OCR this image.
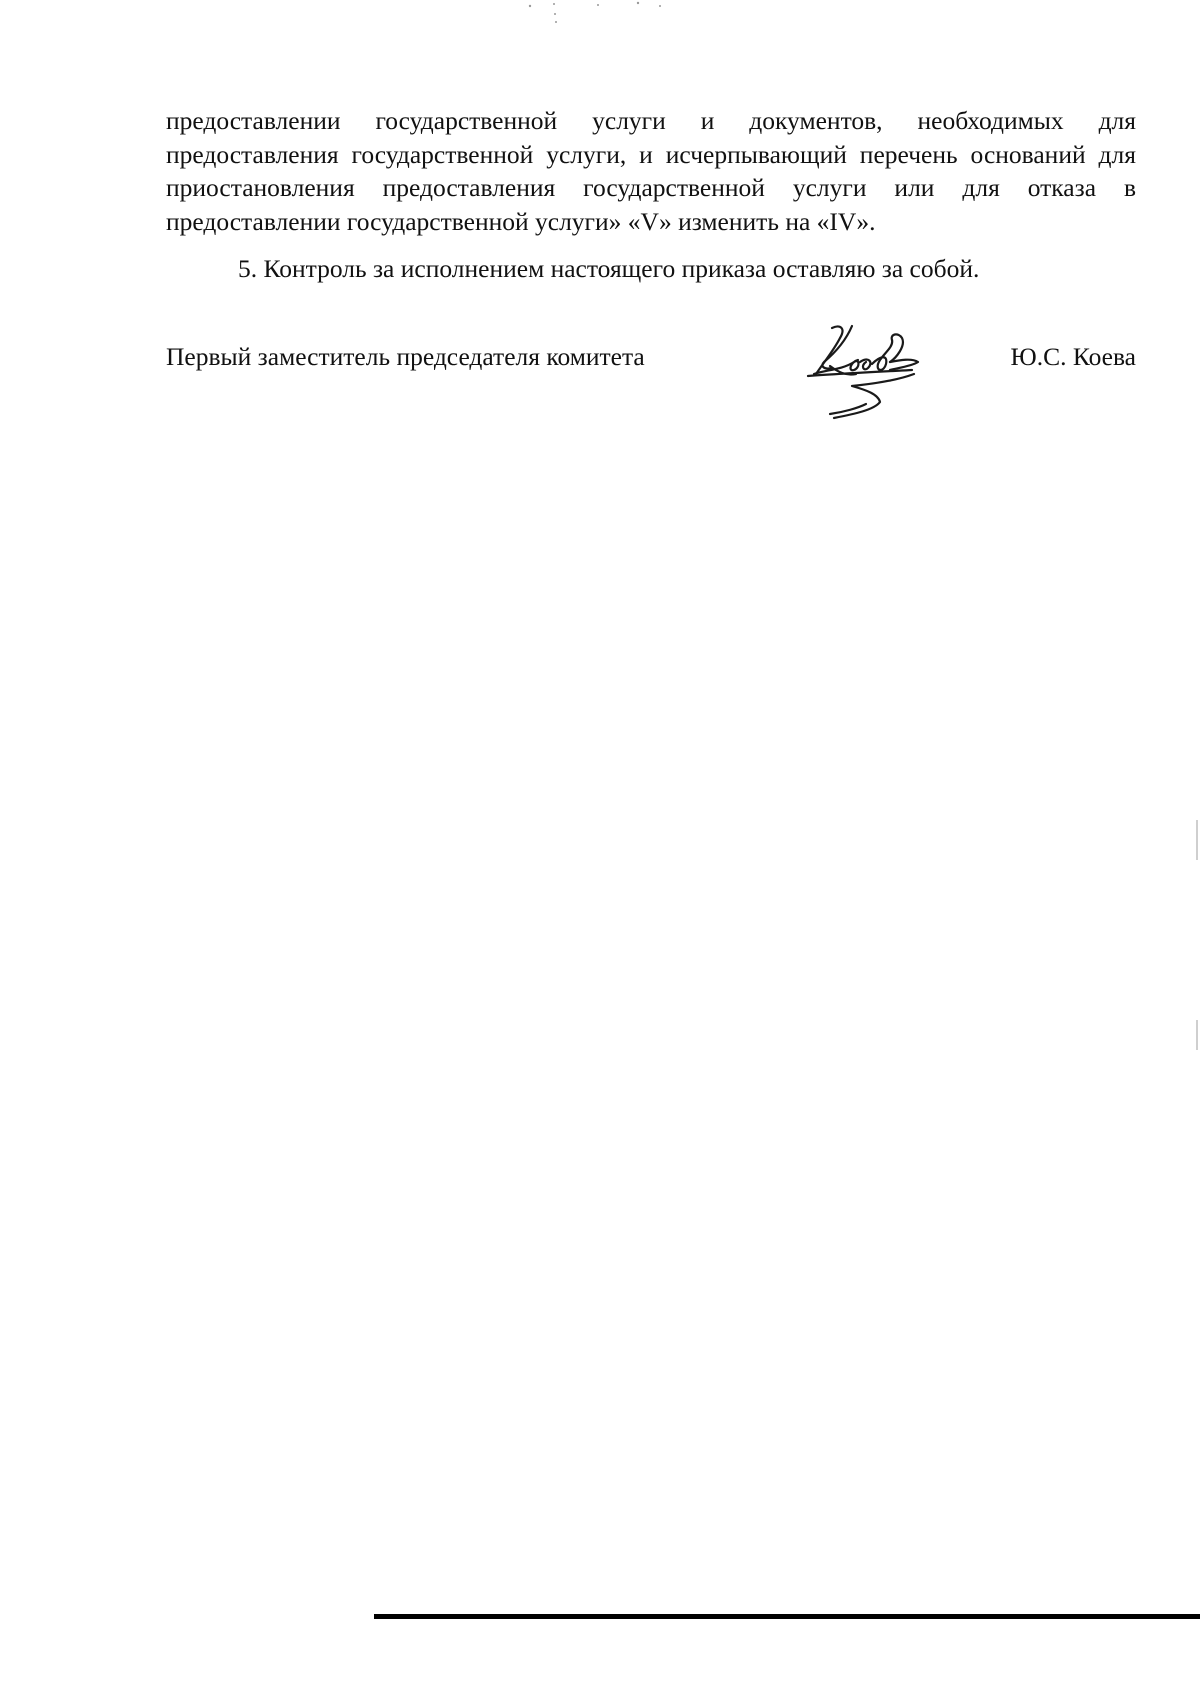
предоставлении государственной услуги и документов, необходимых для предоставления государственной услуги, и исчерпывающий перечень оснований для приостановления предоставления государственной услуги или для отказа в предоставлении государственной услуги» «V» изменить на «IV».

5. Контроль за исполнением настоящего приказа оставляю за собой.

Первый заместитель председателя комитета	Ю.С. Коева
